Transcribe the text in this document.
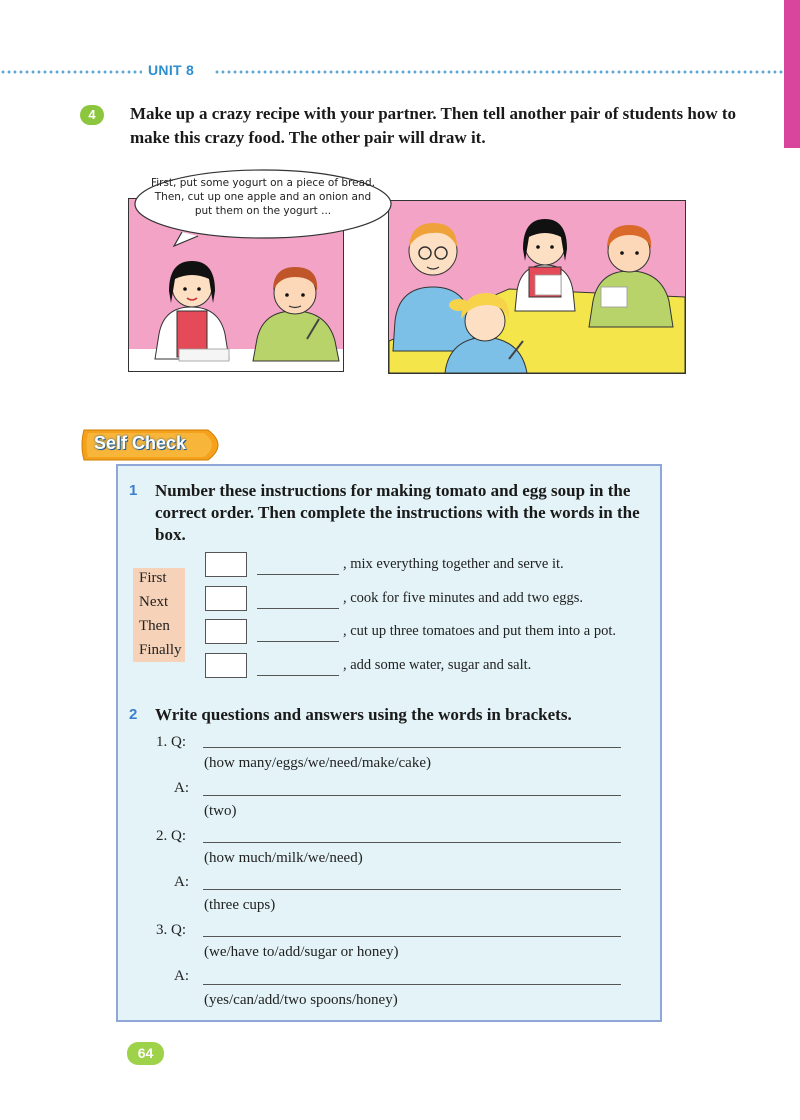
UNIT 8
4	Make up a crazy recipe with your partner. Then tell another pair of students how to make this crazy food. The other pair will draw it.
First, put some yogurt on a piece of bread. Then, cut up one apple and an onion and put them on the yogurt ...
Self Check
1 Number these instructions for making tomato and egg soup in the correct order. Then complete the instructions with the words in the box.
First
Next
Then
Finally
, mix everything together and serve it.
, cook for five minutes and add two eggs.
, cut up three tomatoes and put them into a pot.
, add some water, sugar and salt.
2 Write questions and answers using the words in brackets.
1. Q:
(how many/eggs/we/need/make/cake)
A:
(two)
2. Q:
(how much/milk/we/need)
A:
(three cups)
3. Q:
(we/have to/add/sugar or honey)
A:
(yes/can/add/two spoons/honey)
64
